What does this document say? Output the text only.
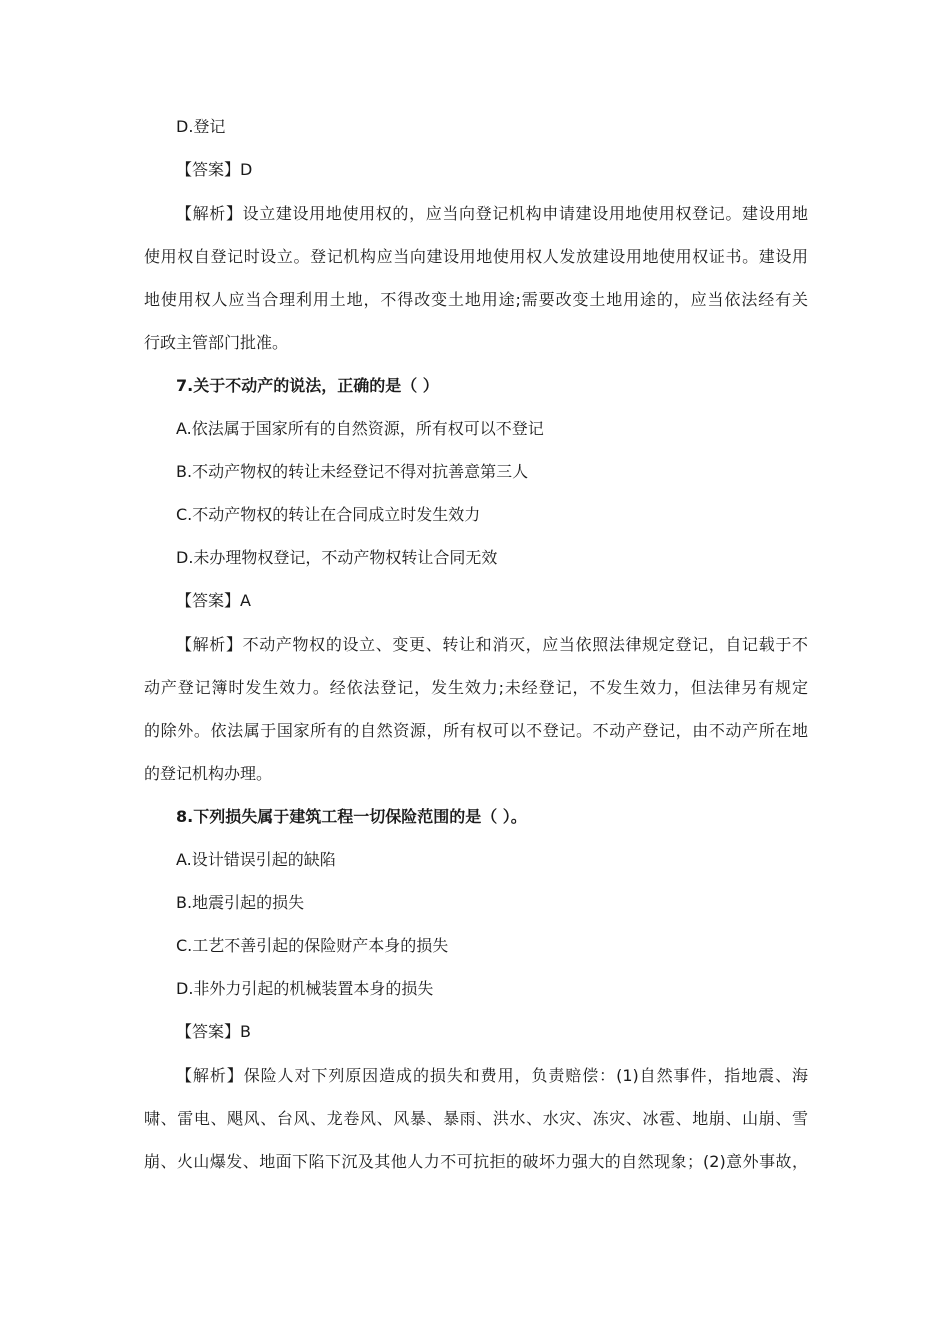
D.登记
【答案】D
【解析】设立建设用地使用权的，应当向登记机构申请建设用地使用权登记。建设用地
使用权自登记时设立。登记机构应当向建设用地使用权人发放建设用地使用权证书。建设用
地使用权人应当合理利用土地，不得改变土地用途;需要改变土地用途的，应当依法经有关
行政主管部门批准。
7.关于不动产的说法，正确的是（ ）
A.依法属于国家所有的自然资源，所有权可以不登记
B.不动产物权的转让未经登记不得对抗善意第三人
C.不动产物权的转让在合同成立时发生效力
D.未办理物权登记，不动产物权转让合同无效
【答案】A
【解析】不动产物权的设立、变更、转让和消灭，应当依照法律规定登记，自记载于不
动产登记簿时发生效力。经依法登记，发生效力;未经登记，不发生效力，但法律另有规定
的除外。依法属于国家所有的自然资源，所有权可以不登记。不动产登记，由不动产所在地
的登记机构办理。
8.下列损失属于建筑工程一切保险范围的是（ ）。
A.设计错误引起的缺陷
B.地震引起的损失
C.工艺不善引起的保险财产本身的损失
D.非外力引起的机械装置本身的损失
【答案】B
【解析】保险人对下列原因造成的损失和费用，负责赔偿：(1)自然事件，指地震、海
啸、雷电、飓风、台风、龙卷风、风暴、暴雨、洪水、水灾、冻灾、冰雹、地崩、山崩、雪
崩、火山爆发、地面下陷下沉及其他人力不可抗拒的破坏力强大的自然现象；(2)意外事故，
